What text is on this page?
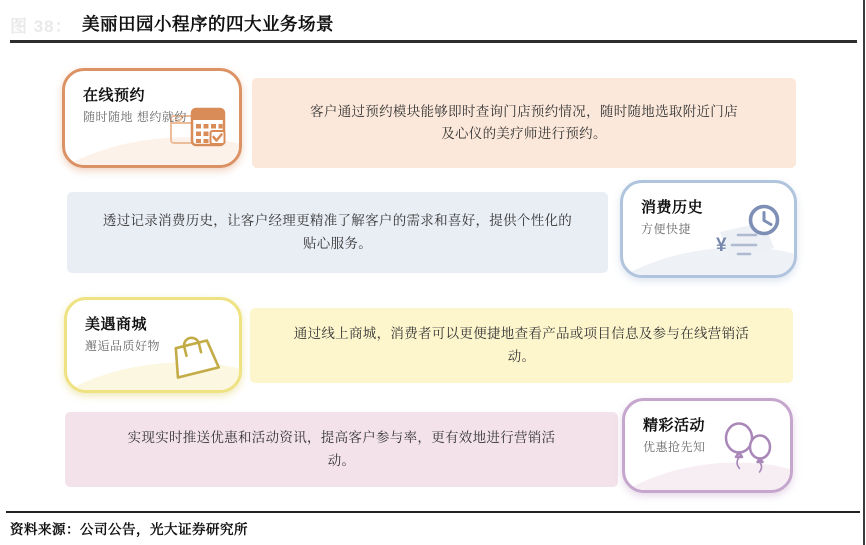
图 38： 美丽田园小程序的四大业务场景
在线预约
随时随地 想约就约	客户通过预约模块能够即时查询门店预约情况，随时随地选取附近门店及心仪的美疗师进行预约。
透过记录消费历史，让客户经理更精准了解客户的需求和喜好，提供个性化的贴心服务。
消费历史
方便快捷
¥
美遇商城
邂逅品质好物
通过线上商城，消费者可以更便捷地查看产品或项目信息及参与在线营销活动。
实现实时推送优惠和活动资讯，提高客户参与率，更有效地进行营销活动。
精彩活动
优惠抢先知
资料来源：公司公告，光大证券研究所
